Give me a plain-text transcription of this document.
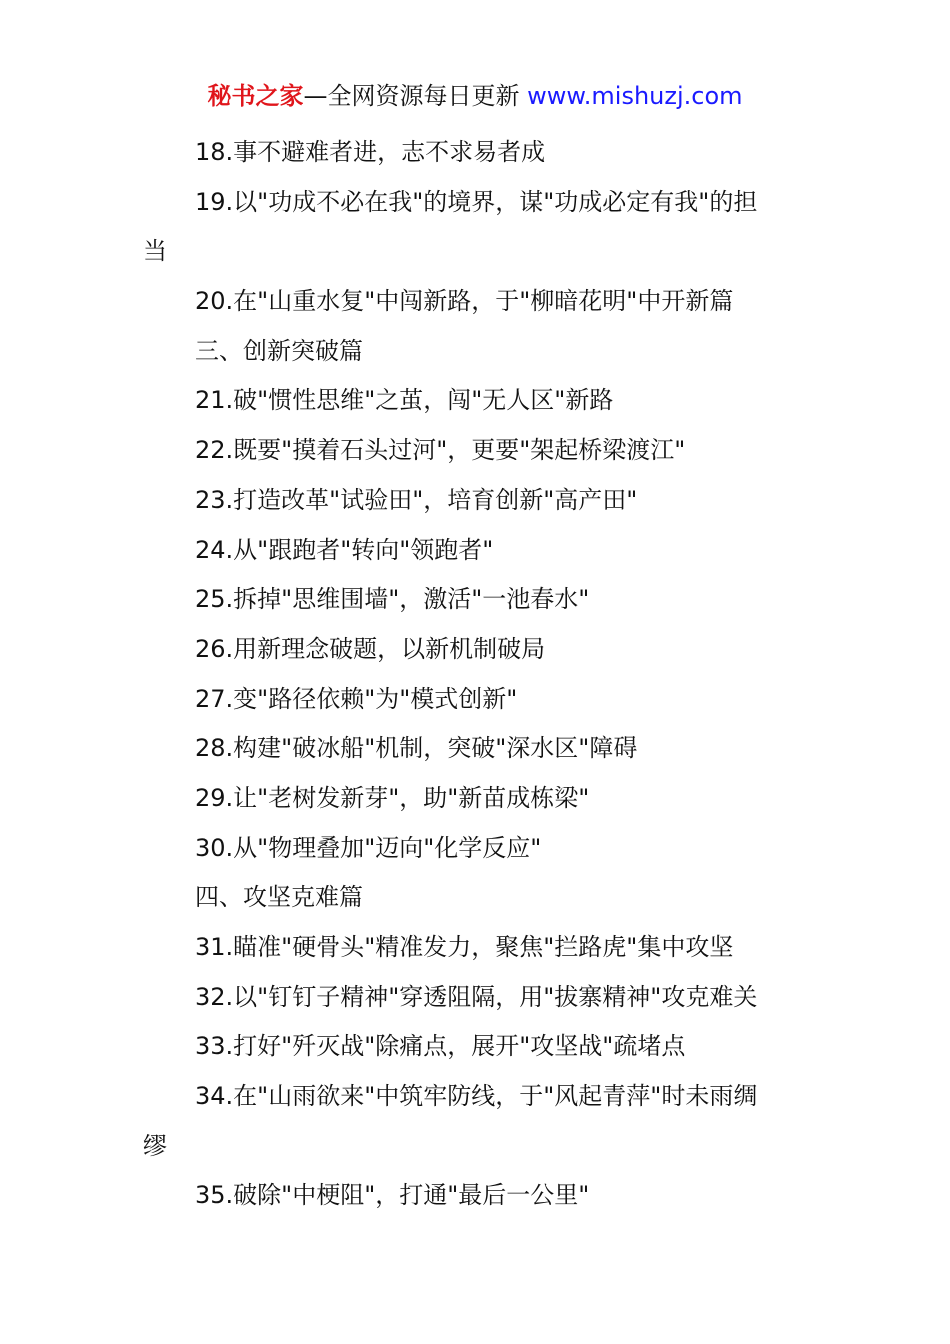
秘书之家—全网资源每日更新 www.mishuzj.com
18.事不避难者进，志不求易者成
19.以"功成不必在我"的境界，谋"功成必定有我"的担
当
20.在"山重水复"中闯新路，于"柳暗花明"中开新篇
三、创新突破篇
21.破"惯性思维"之茧，闯"无人区"新路
22.既要"摸着石头过河"，更要"架起桥梁渡江"
23.打造改革"试验田"，培育创新"高产田"
24.从"跟跑者"转向"领跑者"
25.拆掉"思维围墙"，激活"一池春水"
26.用新理念破题，以新机制破局
27.变"路径依赖"为"模式创新"
28.构建"破冰船"机制，突破"深水区"障碍
29.让"老树发新芽"，助"新苗成栋梁"
30.从"物理叠加"迈向"化学反应"
四、攻坚克难篇
31.瞄准"硬骨头"精准发力，聚焦"拦路虎"集中攻坚
32.以"钉钉子精神"穿透阻隔，用"拔寨精神"攻克难关
33.打好"歼灭战"除痛点，展开"攻坚战"疏堵点
34.在"山雨欲来"中筑牢防线，于"风起青萍"时未雨绸
缪
35.破除"中梗阻"，打通"最后一公里"
